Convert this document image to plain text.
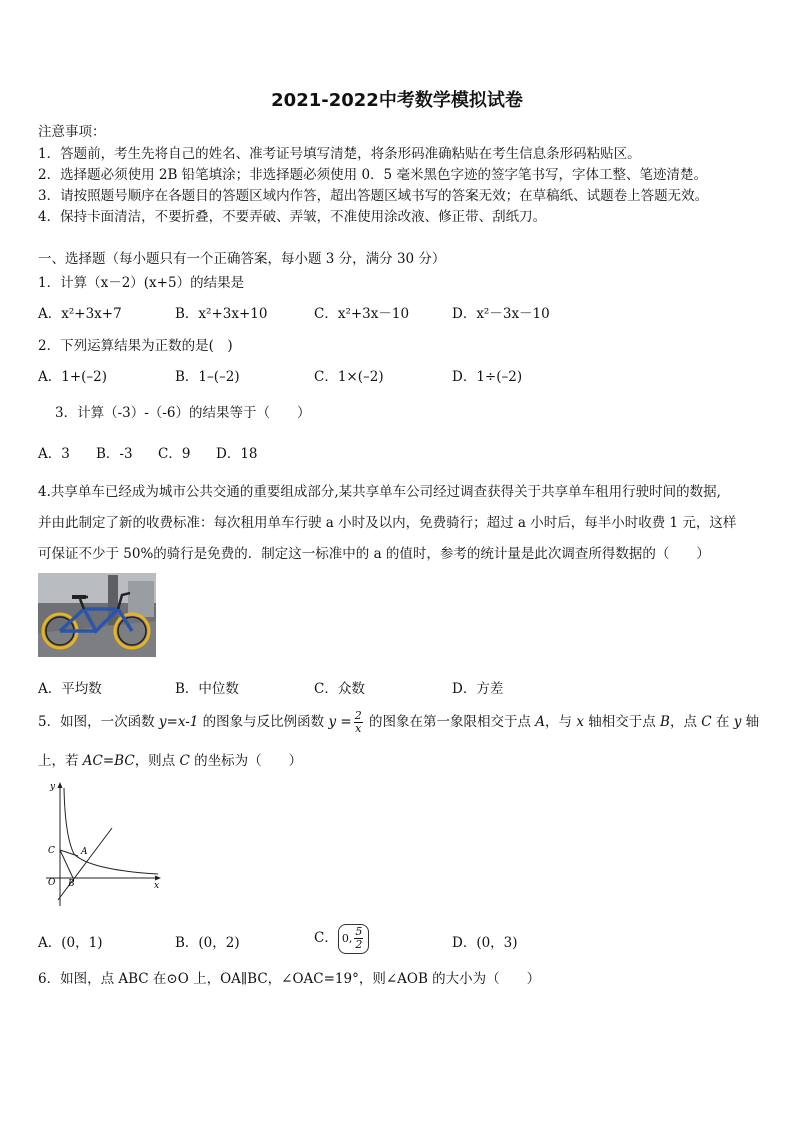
2021-2022中考数学模拟试卷
注意事项：
1．答题前，考生先将自己的姓名、准考证号填写清楚，将条形码准确粘贴在考生信息条形码粘贴区。
2．选择题必须使用 2B 铅笔填涂；非选择题必须使用 0．5 毫米黑色字迹的签字笔书写，字体工整、笔迹清楚。
3．请按照题号顺序在各题目的答题区域内作答，超出答题区域书写的答案无效；在草稿纸、试题卷上答题无效。
4．保持卡面清洁，不要折叠，不要弄破、弄皱，不准使用涂改液、修正带、刮纸刀。
一、选择题（每小题只有一个正确答案，每小题 3 分，满分 30 分）
1．计算（x－2）(x+5）的结果是
A．x²+3x+7	B．x²+3x+10	C．x²+3x－10	D．x²－3x－10
2．下列运算结果为正数的是(　)
A．1+(–2)	B．1–(–2)	C．1×(–2)	D．1÷(–2)
3．计算（-3）-（-6）的结果等于（　　）
A．3 B．-3 C．9 D．18
4.共享单车已经成为城市公共交通的重要组成部分,某共享单车公司经过调查获得关于共享单车租用行驶时间的数据,
并由此制定了新的收费标准：每次租用单车行驶 a 小时及以内，免费骑行；超过 a 小时后，每半小时收费 1 元，这样
可保证不少于 50%的骑行是免费的．制定这一标准中的 a 的值时，参考的统计量是此次调查所得数据的（　　）
A．平均数	B．中位数	C．众数	D．方差
5．如图，一次函数 y=x-1 的图象与反比例函数 $y = \frac{2}{x}$ 的图象在第一象限相交于点 A，与 x 轴相交于点 B，点 C 在 y 轴
上，若 AC=BC，则点 C 的坐标为（　　）
y
x
O
A
B
C
A．(0，1)	B．(0，2)	C． 0, $\frac{5}{2}$	D．(0，3)
6．如图，点 ABC 在⊙O 上，OA∥BC，∠OAC=19°，则∠AOB 的大小为（　　）
